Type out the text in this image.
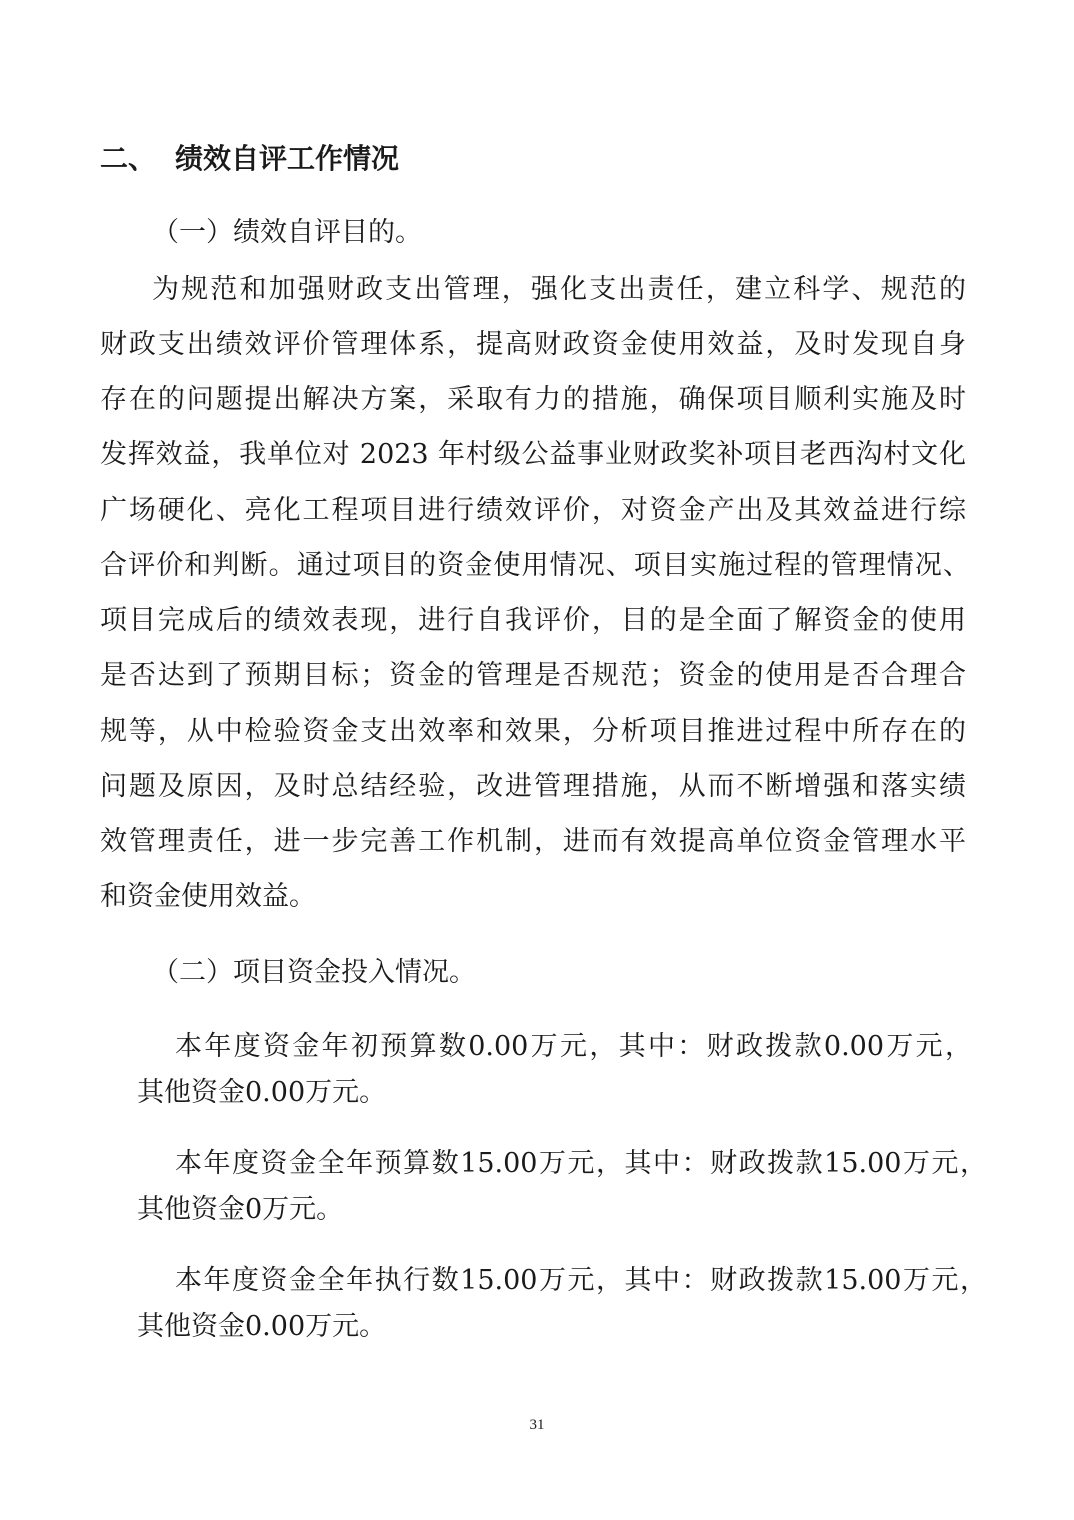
二、 绩效自评工作情况
（一）绩效自评目的。
为规范和加强财政支出管理，强化支出责任，建立科学、规范的
财政支出绩效评价管理体系，提高财政资金使用效益，及时发现自身
存在的问题提出解决方案，采取有力的措施，确保项目顺利实施及时
发挥效益，我单位对 2023 年村级公益事业财政奖补项目老西沟村文化
广场硬化、亮化工程项目进行绩效评价，对资金产出及其效益进行综
合评价和判断。通过项目的资金使用情况、项目实施过程的管理情况、
项目完成后的绩效表现，进行自我评价，目的是全面了解资金的使用
是否达到了预期目标；资金的管理是否规范；资金的使用是否合理合
规等，从中检验资金支出效率和效果，分析项目推进过程中所存在的
问题及原因，及时总结经验，改进管理措施，从而不断增强和落实绩
效管理责任，进一步完善工作机制，进而有效提高单位资金管理水平
和资金使用效益。
（二）项目资金投入情况。
本年度资金年初预算数0.00万元，其中：财政拨款0.00万元，
其他资金0.00万元。
本年度资金全年预算数15.00万元，其中：财政拨款15.00万元，
其他资金0万元。
本年度资金全年执行数15.00万元，其中：财政拨款15.00万元，
其他资金0.00万元。
31
